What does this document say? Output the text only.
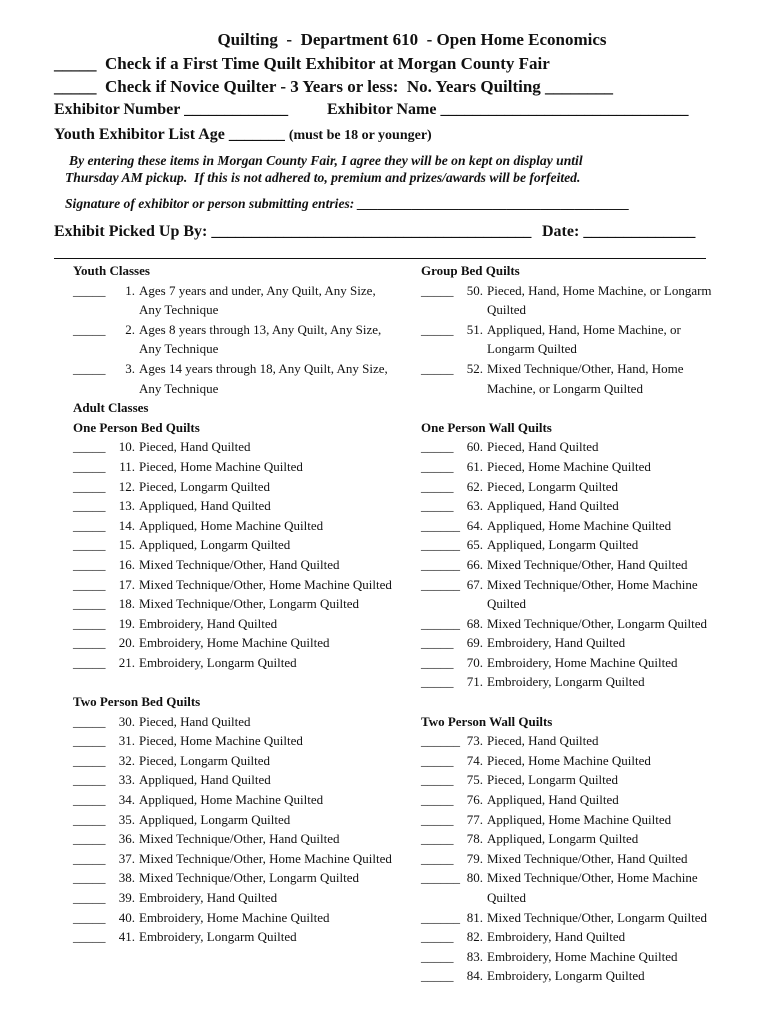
Quilting  -  Department 610  - Open Home Economics
_____ Check if a First Time Quilt Exhibitor at Morgan County Fair
_____ Check if Novice Quilter - 3 Years or less:  No. Years Quilting ________
Exhibitor Number _____________ Exhibitor Name _______________________________
Youth Exhibitor List Age _______ (must be 18 or younger)
By entering these items in Morgan County Fair, I agree they will be on kept on display until
Thursday AM pickup.  If this is not adhered to, premium and prizes/awards will be forfeited.
Signature of exhibitor or person submitting entries: ________________________________________
Exhibit Picked Up By: ________________________________________ Date: ______________
Youth Classes
_____	1. Ages 7 years and under, Any Quilt, Any Size, Any Technique
_____	2. Ages 8 years through 13, Any Quilt, Any Size, Any Technique
_____	3. Ages 14 years through 18, Any Quilt, Any Size, Any Technique
Adult Classes
One Person Bed Quilts
_____	10. Pieced, Hand Quilted
_____	11. Pieced, Home Machine Quilted
_____	12. Pieced, Longarm Quilted
_____	13. Appliqued, Hand Quilted
_____	14. Appliqued, Home Machine Quilted
_____	15. Appliqued, Longarm Quilted
_____	16. Mixed Technique/Other, Hand Quilted
_____	17. Mixed Technique/Other, Home Machine Quilted
_____	18. Mixed Technique/Other, Longarm Quilted
_____	19. Embroidery, Hand Quilted
_____	20. Embroidery, Home Machine Quilted
_____	21. Embroidery, Longarm Quilted
Two Person Bed Quilts
_____	30. Pieced, Hand Quilted
_____	31. Pieced, Home Machine Quilted
_____	32. Pieced, Longarm Quilted
_____	33. Appliqued, Hand Quilted
_____	34. Appliqued, Home Machine Quilted
_____	35. Appliqued, Longarm Quilted
_____	36. Mixed Technique/Other, Hand Quilted
_____	37. Mixed Technique/Other, Home Machine Quilted
_____	38. Mixed Technique/Other, Longarm Quilted
_____	39. Embroidery, Hand Quilted
_____	40. Embroidery, Home Machine Quilted
_____	41. Embroidery, Longarm Quilted
Group Bed Quilts
_____	50. Pieced, Hand, Home Machine, or Longarm Quilted
_____	51. Appliqued, Hand, Home Machine, or Longarm Quilted
_____	52. Mixed Technique/Other, Hand, Home Machine, or Longarm Quilted
One Person Wall Quilts
_____	60. Pieced, Hand Quilted
_____	61. Pieced, Home Machine Quilted
_____	62. Pieced, Longarm Quilted
_____	63. Appliqued, Hand Quilted
______ 64. Appliqued, Home Machine Quilted
______ 65. Appliqued, Longarm Quilted
______ 66. Mixed Technique/Other, Hand Quilted
______ 67. Mixed Technique/Other, Home Machine Quilted
______ 68. Mixed Technique/Other, Longarm Quilted
_____	69. Embroidery, Hand Quilted
_____	70. Embroidery, Home Machine Quilted
_____	71. Embroidery, Longarm Quilted
Two Person Wall Quilts
______ 73. Pieced, Hand Quilted
_____	74. Pieced, Home Machine Quilted
_____	75. Pieced, Longarm Quilted
_____	76. Appliqued, Hand Quilted
_____	77. Appliqued, Home Machine Quilted
_____	78. Appliqued, Longarm Quilted
_____	79. Mixed Technique/Other, Hand Quilted
______ 80. Mixed Technique/Other, Home Machine Quilted
______ 81. Mixed Technique/Other, Longarm Quilted
_____	82. Embroidery, Hand Quilted
_____	83. Embroidery, Home Machine Quilted
_____	84. Embroidery, Longarm Quilted
